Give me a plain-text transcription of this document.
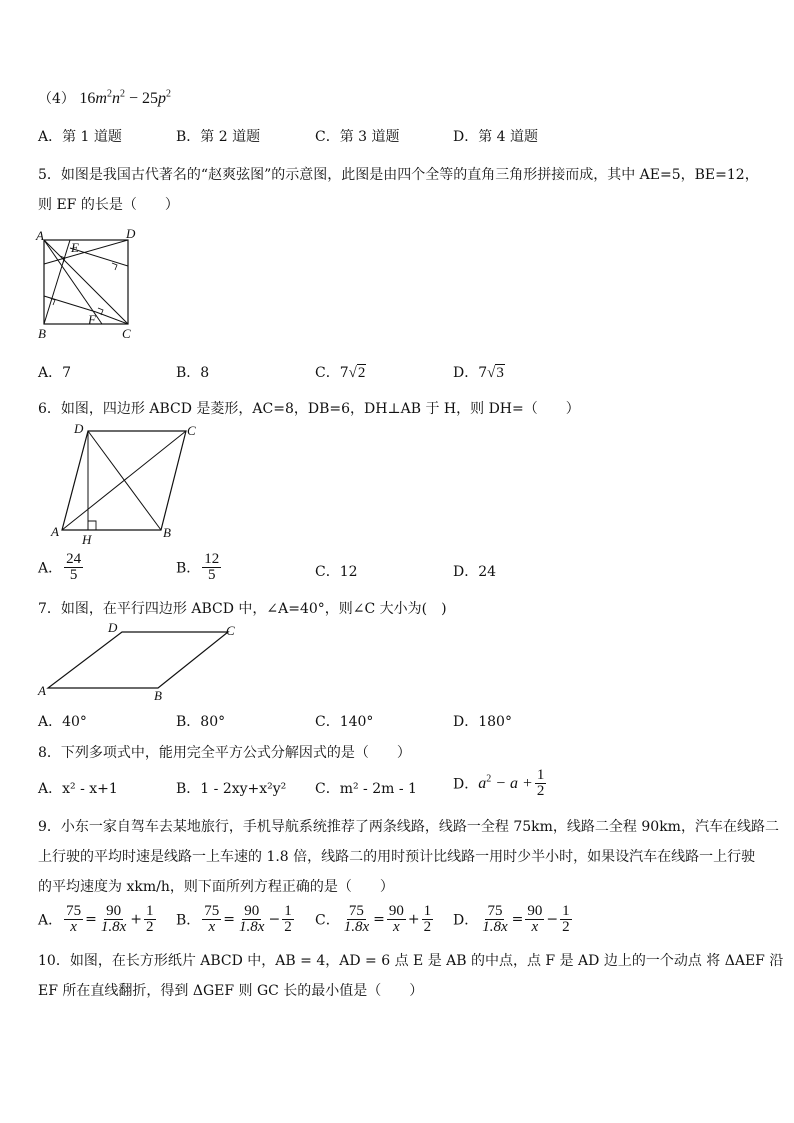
（4） $16m^2n^2 - 25p^2$
A．第 1 道题	B．第 2 道题	C．第 3 道题	D．第 4 道题
5．如图是我国古代著名的“赵爽弦图”的示意图，此图是由四个全等的直角三角形拼接而成，其中 AE=5，BE=12，
则 EF 的长是（　　）
A	D
E
B
F
C
A．7	B．8	C．7√2	D．7√3
6．如图，四边形 ABCD 是菱形，AC=8，DB=6，DH⊥AB 于 H，则 DH=（　　）
D	C
A
H	B
A． $\frac{24}{5}$	B． $\frac{12}{5}$	C．12	D．24
7．如图，在平行四边形 ABCD 中，∠A=40°，则∠C 大小为(　)
D	C
A	B
A．40°	B．80°	C．140°	D．180°
8．下列多项式中，能用完全平方公式分解因式的是（　　）
A．x² - x+1	B．1 - 2xy+x²y² C．m² - 2m - 1	D．$a^2 - a + \frac{1}{2}$
9．小东一家自驾车去某地旅行，手机导航系统推荐了两条线路，线路一全程 75km，线路二全程 90km，汽车在线路二
上行驶的平均时速是线路一上车速的 1.8 倍，线路二的用时预计比线路一用时少半小时，如果设汽车在线路一上行驶
的平均速度为 xkm/h，则下面所列方程正确的是（　　）
A． $\frac{75}{x} = \frac{90}{1.8x} + \frac{1}{2}$ B． $\frac{75}{x} = \frac{90}{1.8x} - \frac{1}{2}$ C． $\frac{75}{1.8x} = \frac{90}{x} + \frac{1}{2}$ D． $\frac{75}{1.8x} = \frac{90}{x} - \frac{1}{2}$
10．如图，在长方形纸片 ABCD 中，AB = 4，AD = 6 点 E 是 AB 的中点，点 F 是 AD 边上的一个动点 将 ΔAEF 沿
EF 所在直线翻折，得到 ΔGEF 则 GC 长的最小值是（　　）
